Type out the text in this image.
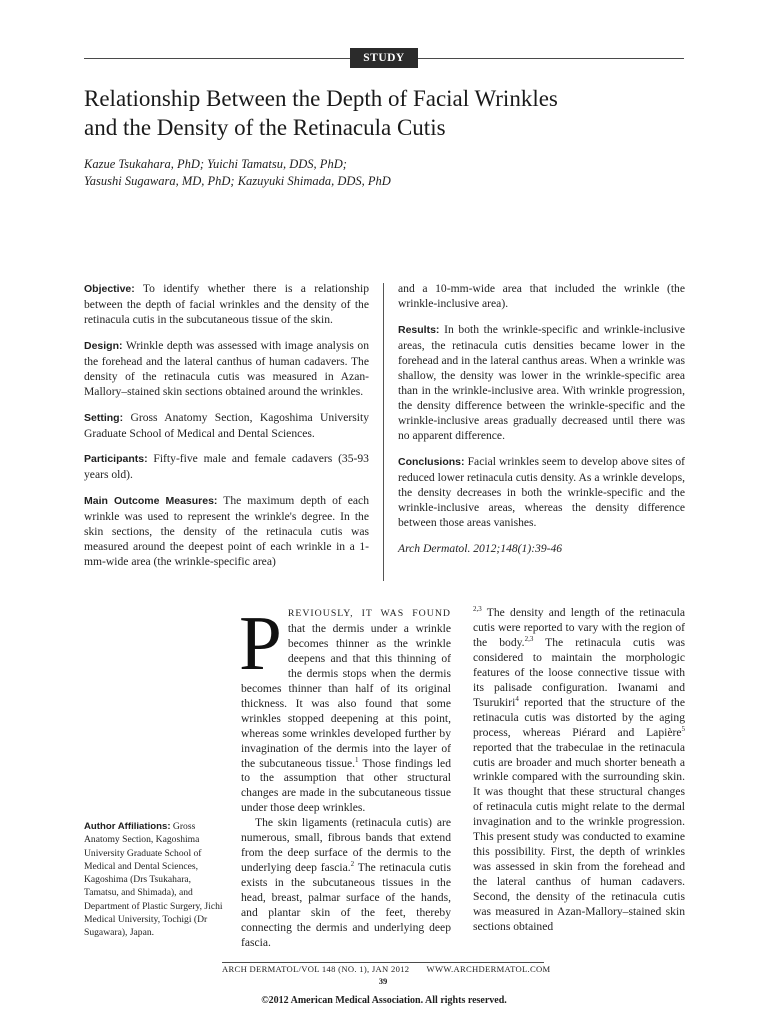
STUDY
Relationship Between the Depth of Facial Wrinkles
and the Density of the Retinacula Cutis
Kazue Tsukahara, PhD; Yuichi Tamatsu, DDS, PhD;
Yasushi Sugawara, MD, PhD; Kazuyuki Shimada, DDS, PhD

Objective: To identify whether there is a relationship between the depth of facial wrinkles and the density of the retinacula cutis in the subcutaneous tissue of the skin.

Design: Wrinkle depth was assessed with image analysis on the forehead and the lateral canthus of human cadavers. The density of the retinacula cutis was measured in Azan-Mallory–stained skin sections obtained around the wrinkles.

Setting: Gross Anatomy Section, Kagoshima University Graduate School of Medical and Dental Sciences.

Participants: Fifty-five male and female cadavers (35-93 years old).

Main Outcome Measures: The maximum depth of each wrinkle was used to represent the wrinkle's degree. In the skin sections, the density of the retinacula cutis was measured around the deepest point of each wrinkle in a 1-mm-wide area (the wrinkle-specific area)

and a 10-mm-wide area that included the wrinkle (the wrinkle-inclusive area).

Results: In both the wrinkle-specific and wrinkle-inclusive areas, the retinacula cutis densities became lower in the forehead and in the lateral canthus areas. When a wrinkle was shallow, the density was lower in the wrinkle-specific area than in the wrinkle-inclusive area. With wrinkle progression, the density difference between the wrinkle-specific and the wrinkle-inclusive areas gradually decreased until there was no apparent difference.

Conclusions: Facial wrinkles seem to develop above sites of reduced lower retinacula cutis density. As a wrinkle develops, the density decreases in both the wrinkle-specific and the wrinkle-inclusive areas, whereas the density difference between those areas vanishes.

Arch Dermatol. 2012;148(1):39-46

Author Affiliations: Gross Anatomy Section, Kagoshima University Graduate School of Medical and Dental Sciences, Kagoshima (Drs Tsukahara, Tamatsu, and Shimada), and Department of Plastic Surgery, Jichi Medical University, Tochigi (Dr Sugawara), Japan.

PREVIOUSLY, IT WAS FOUND that the dermis under a wrinkle becomes thinner as the wrinkle deepens and that this thinning of the dermis stops when the dermis becomes thinner than half of its original thickness. It was also found that some wrinkles stopped deepening at this point, whereas some wrinkles developed further by invagination of the dermis into the layer of the subcutaneous tissue.$^1$ Those findings led to the assumption that other structural changes are made in the subcutaneous tissue under those deep wrinkles.

The skin ligaments (retinacula cutis) are numerous, small, fibrous bands that extend from the deep surface of the dermis to the underlying deep fascia.$^2$ The retinacula cutis exists in the subcutaneous tissues in the head, breast, palmar surface of the hands, and plantar skin of the feet, thereby connecting the dermis and underlying deep fascia.

$^{2,3}$ The density and length of the retinacula cutis were reported to vary with the region of the body.$^{2,3}$ The retinacula cutis was considered to maintain the morphologic features of the loose connective tissue with its palisade configuration. Iwanami and Tsurukiri$^4$ reported that the structure of the retinacula cutis was distorted by the aging process, whereas Piérard and Lapière$^5$ reported that the trabeculae in the retinacula cutis are broader and much shorter beneath a wrinkle compared with the surrounding skin. It was thought that these structural changes of retinacula cutis might relate to the dermal invagination and to the wrinkle progression. This present study was conducted to examine this possibility. First, the depth of wrinkles was assessed in skin from the forehead and the lateral canthus of human cadavers. Second, the density of the retinacula cutis was measured in Azan-Mallory–stained skin sections obtained

ARCH DERMATOL/VOL 148 (NO. 1), JAN 2012 WWW.ARCHDERMATOL.COM
39
©2012 American Medical Association. All rights reserved.
